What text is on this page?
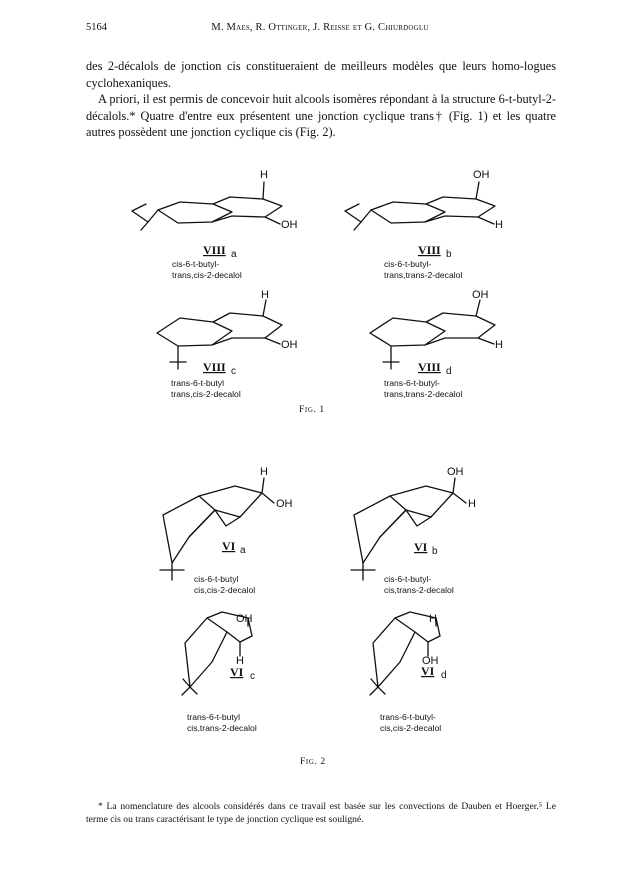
5164	M. Maes, R. Ottinger, J. Reisse et G. Chiurdoglu

des 2-décalols de jonction cis constitueraient de meilleurs modèles que leurs homo-logues cyclohexaniques.

A priori, il est permis de concevoir huit alcools isomères répondant à la structure 6-t-butyl-2-décalols.* Quatre d'entre eux présentent une jonction cyclique trans† (Fig. 1) et les quatre autres possèdent une jonction cyclique cis (Fig. 2).

H
OH
OH
H
H
OH
OH
H
VIII a	VIII b
VIII c	VIII d
H
OH
OH
H
OH
H
H
OH
VI a	VI b
VI c	VI d
cis-6-t-butyl-
trans,cis-2-decalol
cis-6-t-butyl-
trans,trans-2-decalol
trans-6-t-butyl
trans,cis-2-decalol
trans-6-t-butyl-
trans,trans-2-decalol
Fig. 1
cis-6-t-butyl
cis,cis-2-decalol
cis-6-t-butyl-
cis,trans-2-decalol
trans-6-t-butyl
cis,trans-2-decalol
trans-6-t-butyl-
cis,cis-2-decalol
Fig. 2

* La nomenclature des alcools considérés dans ce travail est basée sur les convections de Dauben et Hoerger.⁵ Le terme cis ou trans caractérisant le type de jonction cyclique est souligné.
